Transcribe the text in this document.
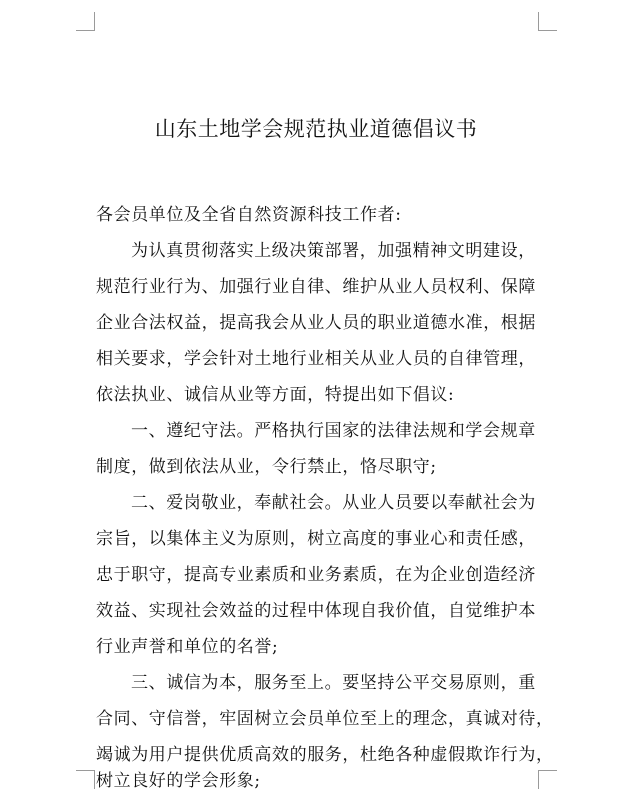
山东土地学会规范执业道德倡议书
各会员单位及全省自然资源科技工作者:
为认真贯彻落实上级决策部署，加强精神文明建设，
规范行业行为、加强行业自律、维护从业人员权利、保障
企业合法权益，提高我会从业人员的职业道德水准，根据
相关要求，学会针对土地行业相关从业人员的自律管理，
依法执业、诚信从业等方面，特提出如下倡议:
一、遵纪守法。严格执行国家的法律法规和学会规章
制度，做到依法从业，令行禁止，恪尽职守;
二、爱岗敬业，奉献社会。从业人员要以奉献社会为
宗旨，以集体主义为原则，树立高度的事业心和责任感，
忠于职守，提高专业素质和业务素质，在为企业创造经济
效益、实现社会效益的过程中体现自我价值，自觉维护本
行业声誉和单位的名誉;
三、诚信为本，服务至上。要坚持公平交易原则，重
合同、守信誉，牢固树立会员单位至上的理念，真诚对待，
竭诚为用户提供优质高效的服务，杜绝各种虚假欺诈行为，
树立良好的学会形象;
